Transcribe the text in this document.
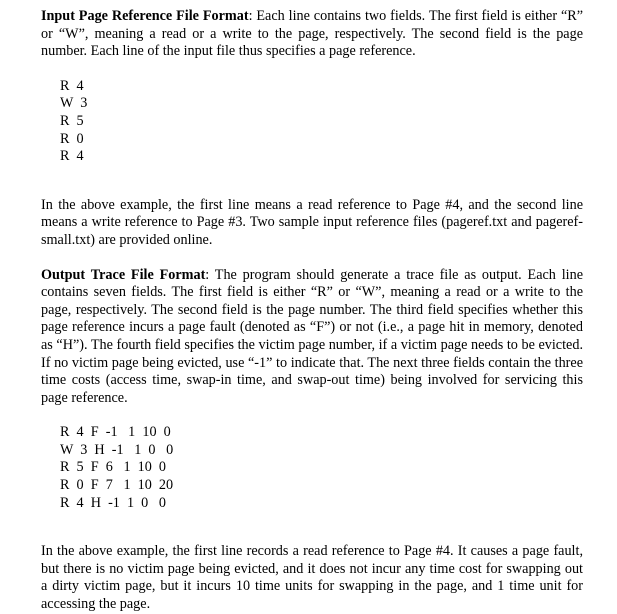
Input Page Reference File Format: Each line contains two fields. The first field is either “R” or “W”, meaning a read or a write to the page, respectively. The second field is the page number. Each line of the input file thus specifies a page reference.

R  4
W  3
R  5
R  0
R  4

In the above example, the first line means a read reference to Page #4, and the second line means a write reference to Page #3. Two sample input reference files (pageref.txt and pageref-small.txt) are provided online.

Output Trace File Format: The program should generate a trace file as output. Each line contains seven fields. The first field is either “R” or “W”, meaning a read or a write to the page, respectively. The second field is the page number. The third field specifies whether this page reference incurs a page fault (denoted as “F”) or not (i.e., a page hit in memory, denoted as “H”). The fourth field specifies the victim page number, if a victim page needs to be evicted. If no victim page being evicted, use “-1” to indicate that. The next three fields contain the three time costs (access time, swap-in time, and swap-out time) being involved for servicing this page reference.

R  4  F  -1   1  10  0
W  3  H  -1   1  0   0
R  5  F  6   1  10  0
R  0  F  7   1  10  20
R  4  H  -1  1  0   0

In the above example, the first line records a read reference to Page #4. It causes a page fault, but there is no victim page being evicted, and it does not incur any time cost for swapping out a dirty victim page, but it incurs 10 time units for swapping in the page, and 1 time unit for accessing the page.
